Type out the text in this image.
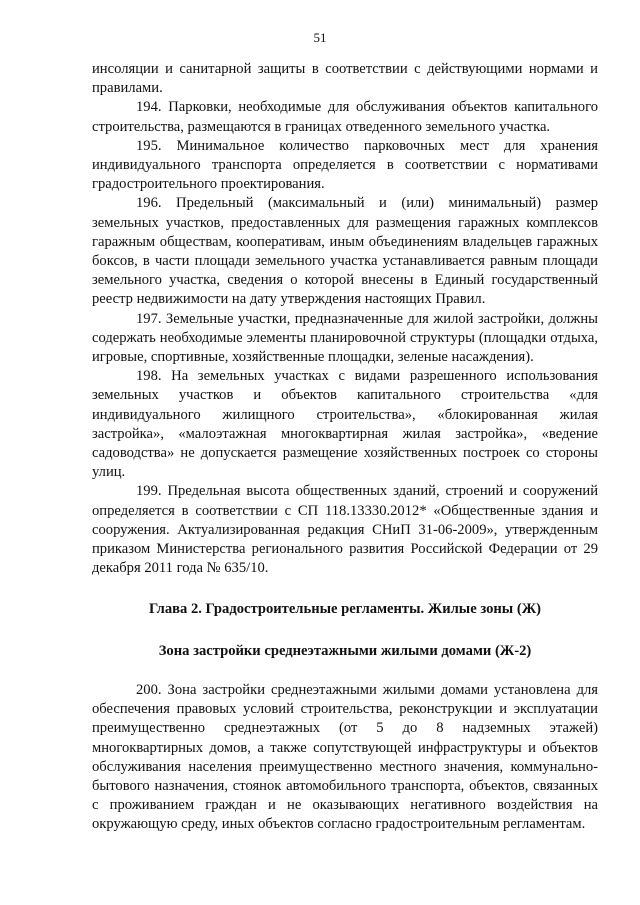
51

инсоляции и санитарной защиты в соответствии с действующими нормами и правилами.

194. Парковки, необходимые для обслуживания объектов капитального строительства, размещаются в границах отведенного земельного участка.

195. Минимальное количество парковочных мест для хранения индивидуального транспорта определяется в соответствии с нормативами градостроительного проектирования.

196. Предельный (максимальный и (или) минимальный) размер земельных участков, предоставленных для размещения гаражных комплексов гаражным обществам, кооперативам, иным объединениям владельцев гаражных боксов, в части площади земельного участка устанавливается равным площади земельного участка, сведения о которой внесены в Единый государственный реестр недвижимости на дату утверждения настоящих Правил.

197. Земельные участки, предназначенные для жилой застройки, должны содержать необходимые элементы планировочной структуры (площадки отдыха, игровые, спортивные, хозяйственные площадки, зеленые насаждения).

198. На земельных участках с видами разрешенного использования земельных участков и объектов капитального строительства «для индивидуального жилищного строительства», «блокированная жилая застройка», «малоэтажная многоквартирная жилая застройка», «ведение садоводства» не допускается размещение хозяйственных построек со стороны улиц.

199. Предельная высота общественных зданий, строений и сооружений определяется в соответствии с СП 118.13330.2012* «Общественные здания и сооружения. Актуализированная редакция СНиП 31-06-2009», утвержденным приказом Министерства регионального развития Российской Федерации от 29 декабря 2011 года № 635/10.

Глава 2. Градостроительные регламенты. Жилые зоны (Ж)
Зона застройки среднеэтажными жилыми домами (Ж-2)

200. Зона застройки среднеэтажными жилыми домами установлена для обеспечения правовых условий строительства, реконструкции и эксплуатации преимущественно среднеэтажных (от 5 до 8 надземных этажей) многоквартирных домов, а также сопутствующей инфраструктуры и объектов обслуживания населения преимущественно местного значения, коммунально-бытового назначения, стоянок автомобильного транспорта, объектов, связанных с проживанием граждан и не оказывающих негативного воздействия на окружающую среду, иных объектов согласно градостроительным регламентам.
